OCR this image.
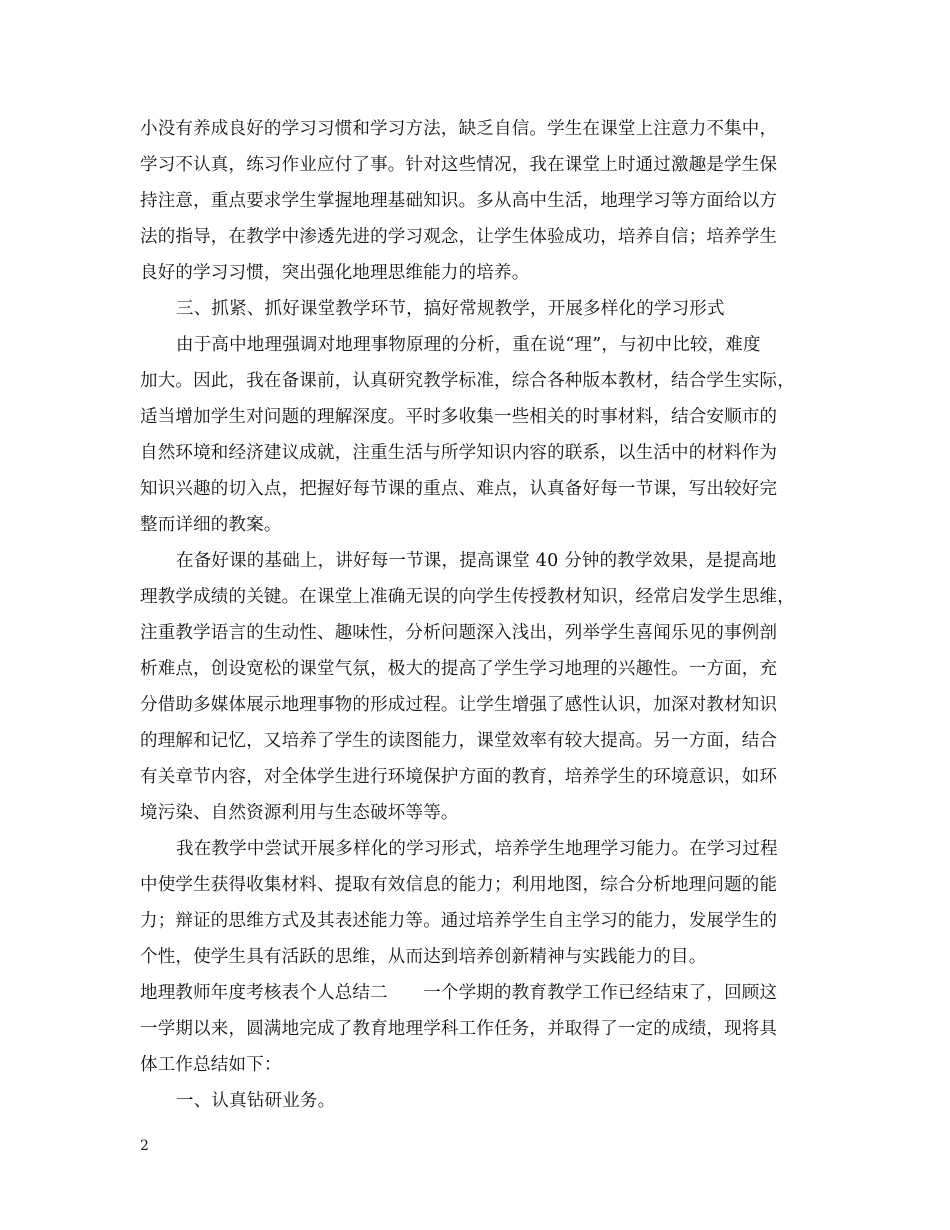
小没有养成良好的学习习惯和学习方法，缺乏自信。学生在课堂上注意力不集中，
学习不认真，练习作业应付了事。针对这些情况，我在课堂上时通过激趣是学生保
持注意，重点要求学生掌握地理基础知识。多从高中生活，地理学习等方面给以方
法的指导，在教学中渗透先进的学习观念，让学生体验成功，培养自信；培养学生
良好的学习习惯，突出强化地理思维能力的培养。
三、抓紧、抓好课堂教学环节，搞好常规教学，开展多样化的学习形式
由于高中地理强调对地理事物原理的分析，重在说“理”，与初中比较，难度
加大。因此，我在备课前，认真研究教学标准，综合各种版本教材，结合学生实际，
适当增加学生对问题的理解深度。平时多收集一些相关的时事材料，结合安顺市的
自然环境和经济建议成就，注重生活与所学知识内容的联系，以生活中的材料作为
知识兴趣的切入点，把握好每节课的重点、难点，认真备好每一节课，写出较好完
整而详细的教案。
在备好课的基础上，讲好每一节课，提高课堂 40 分钟的教学效果，是提高地
理教学成绩的关键。在课堂上准确无误的向学生传授教材知识，经常启发学生思维，
注重教学语言的生动性、趣味性，分析问题深入浅出，列举学生喜闻乐见的事例剖
析难点，创设宽松的课堂气氛，极大的提高了学生学习地理的兴趣性。一方面，充
分借助多媒体展示地理事物的形成过程。让学生增强了感性认识，加深对教材知识
的理解和记忆，又培养了学生的读图能力，课堂效率有较大提高。另一方面，结合
有关章节内容，对全体学生进行环境保护方面的教育，培养学生的环境意识，如环
境污染、自然资源利用与生态破坏等等。
我在教学中尝试开展多样化的学习形式，培养学生地理学习能力。在学习过程
中使学生获得收集材料、提取有效信息的能力；利用地图，综合分析地理问题的能
力；辩证的思维方式及其表述能力等。通过培养学生自主学习的能力，发展学生的
个性，使学生具有活跃的思维，从而达到培养创新精神与实践能力的目。
地理教师年度考核表个人总结二　　一个学期的教育教学工作已经结束了，回顾这
一学期以来，圆满地完成了教育地理学科工作任务，并取得了一定的成绩，现将具
体工作总结如下：
一、认真钻研业务。
2
